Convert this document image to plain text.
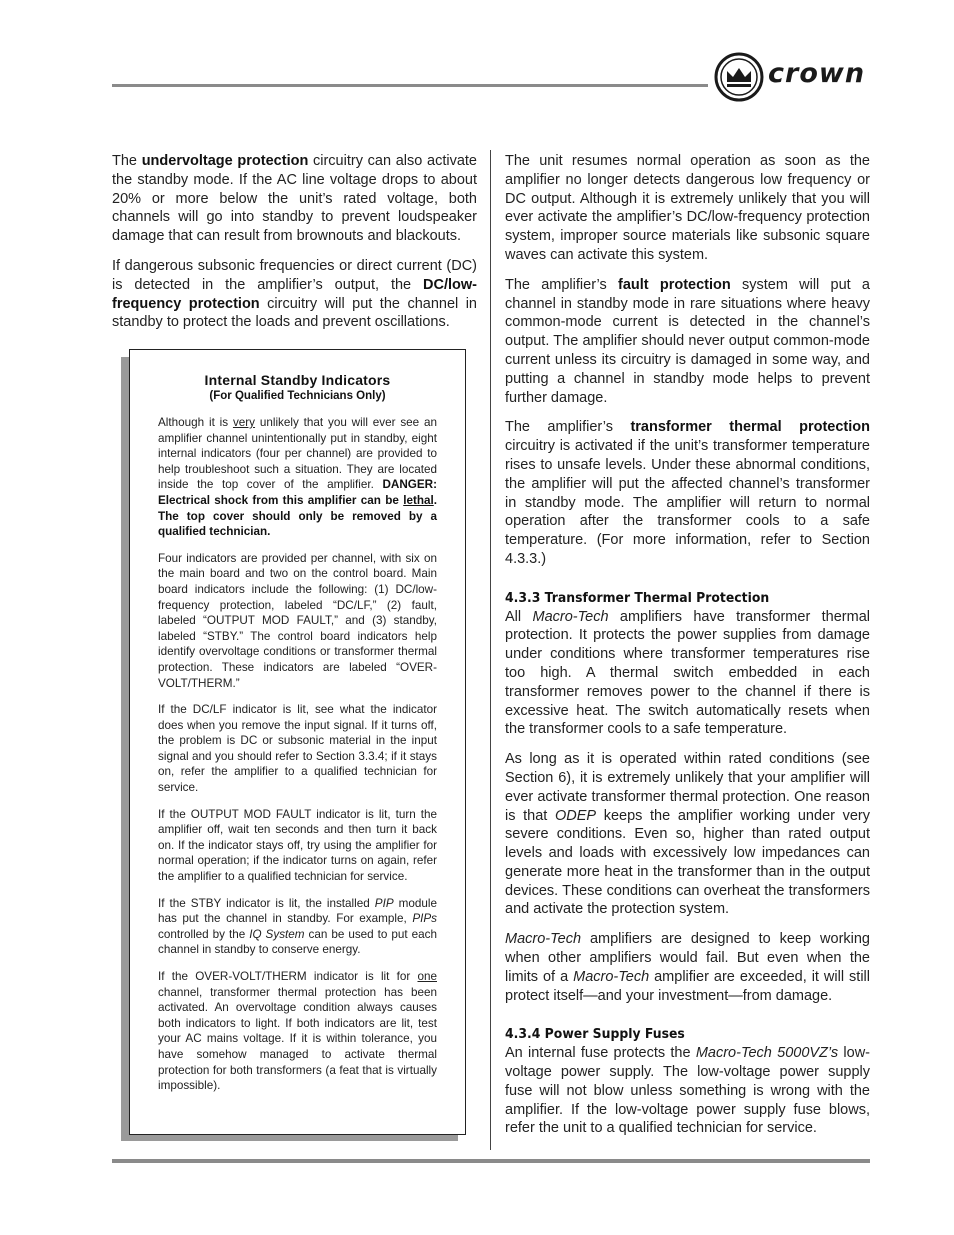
crown

The undervoltage protection circuitry can also activate the standby mode. If the AC line voltage drops to about 20% or more below the unit’s rated voltage, both channels will go into standby to prevent loudspeaker damage that can result from brownouts and blackouts.

If dangerous subsonic frequencies or direct current (DC) is detected in the amplifier’s output, the DC/low-frequency protection circuitry will put the channel in standby to protect the loads and prevent oscillations.

Internal Standby Indicators
(For Qualified Technicians Only)

Although it is very unlikely that you will ever see an amplifier channel unintentionally put in standby, eight internal indicators (four per channel) are provided to help troubleshoot such a situation. They are located inside the top cover of the amplifier. DANGER: Electrical shock from this amplifier can be lethal. The top cover should only be removed by a qualified technician.

Four indicators are provided per channel, with six on the main board and two on the control board. Main board indicators include the following: (1) DC/low-frequency protection, labeled “DC/LF,” (2) fault, labeled “OUTPUT MOD FAULT,” and (3) standby, labeled “STBY.” The control board indicators help identify overvoltage conditions or transformer thermal protection. These indicators are labeled “OVER-VOLT/THERM.”

If the DC/LF indicator is lit, see what the indicator does when you remove the input signal. If it turns off, the problem is DC or subsonic material in the input signal and you should refer to Section 3.3.4; if it stays on, refer the amplifier to a qualified technician for service.

If the OUTPUT MOD FAULT indicator is lit, turn the amplifier off, wait ten seconds and then turn it back on. If the indicator stays off, try using the amplifier for normal operation; if the indicator turns on again, refer the amplifier to a qualified technician for service.

If the STBY indicator is lit, the installed PIP module has put the channel in standby. For example, PIPs controlled by the IQ System can be used to put each channel in standby to conserve energy.

If the OVER-VOLT/THERM indicator is lit for one channel, transformer thermal protection has been activated. An overvoltage condition always causes both indicators to light. If both indicators are lit, test your AC mains voltage. If it is within tolerance, you have somehow managed to activate thermal protection for both transformers (a feat that is virtually impossible).

The unit resumes normal operation as soon as the amplifier no longer detects dangerous low frequency or DC output. Although it is extremely unlikely that you will ever activate the amplifier’s DC/low-frequency protection system, improper source materials like subsonic square waves can activate this system.

The amplifier’s fault protection system will put a channel in standby mode in rare situations where heavy common-mode current is detected in the channel’s output. The amplifier should never output common-mode current unless its circuitry is damaged in some way, and putting a channel in standby mode helps to prevent further damage.

The amplifier’s transformer thermal protection circuitry is activated if the unit’s transformer temperature rises to unsafe levels. Under these abnormal conditions, the amplifier will put the affected channel’s transformer in standby mode. The amplifier will return to normal operation after the transformer cools to a safe temperature. (For more information, refer to Section 4.3.3.)

4.3.3 Transformer Thermal Protection

All Macro-Tech amplifiers have transformer thermal protection. It protects the power supplies from damage under conditions where transformer temperatures rise too high. A thermal switch embedded in each transformer removes power to the channel if there is excessive heat. The switch automatically resets when the transformer cools to a safe temperature.

As long as it is operated within rated conditions (see Section 6), it is extremely unlikely that your amplifier will ever activate transformer thermal protection. One reason is that ODEP keeps the amplifier working under very severe conditions. Even so, higher than rated output levels and loads with excessively low impedances can generate more heat in the transformer than in the output devices. These conditions can overheat the transformers and activate the protection system.

Macro-Tech amplifiers are designed to keep working when other amplifiers would fail. But even when the limits of a Macro-Tech amplifier are exceeded, it will still protect itself—and your investment—from damage.

4.3.4 Power Supply Fuses

An internal fuse protects the Macro-Tech 5000VZ’s low-voltage power supply. The low-voltage power supply fuse will not blow unless something is wrong with the amplifier. If the low-voltage power supply fuse blows, refer the unit to a qualified technician for service.
